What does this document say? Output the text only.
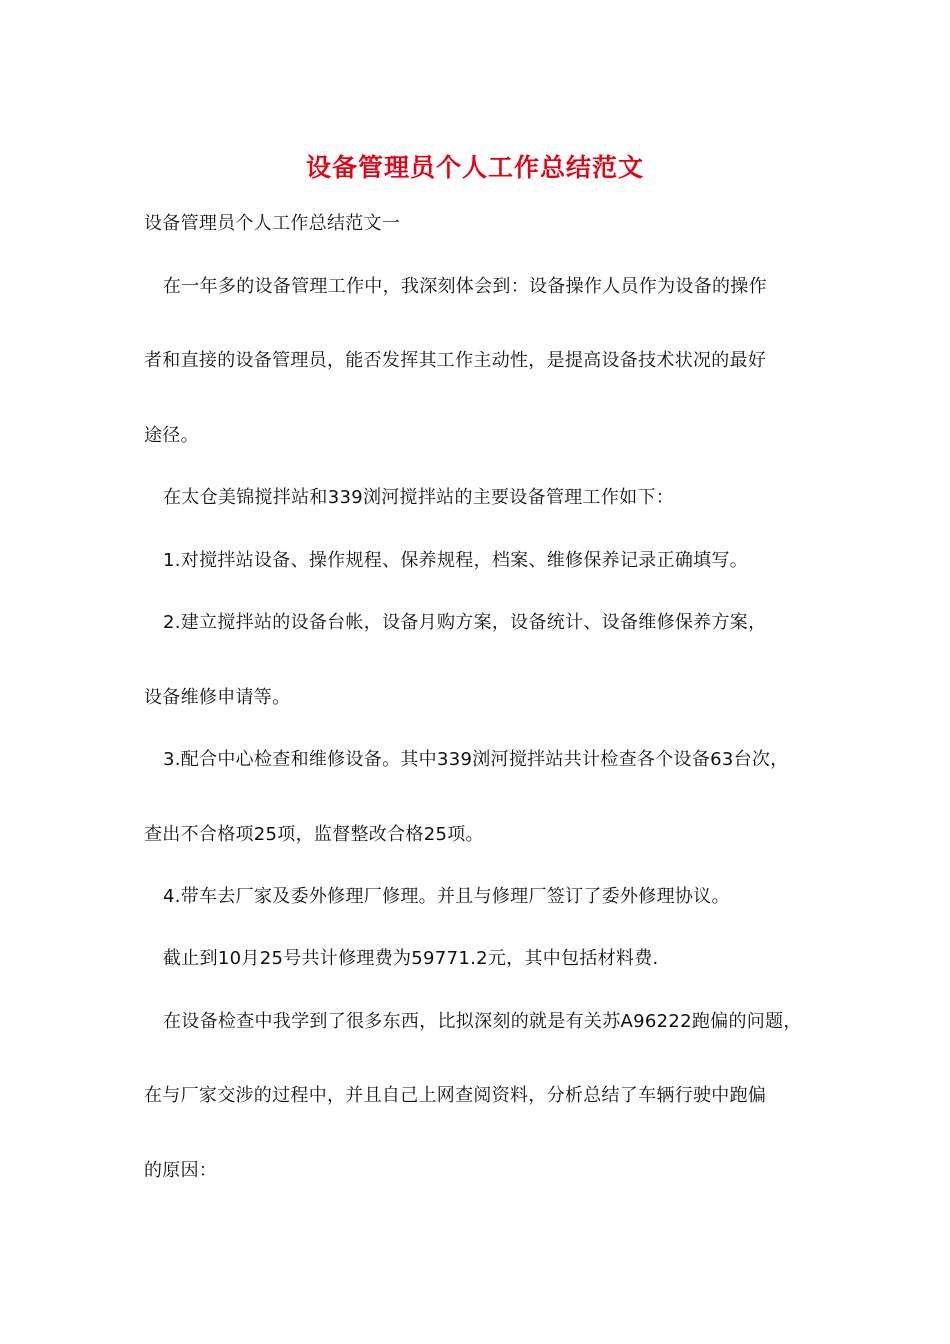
设备管理员个人工作总结范文
设备管理员个人工作总结范文一
在一年多的设备管理工作中，我深刻体会到：设备操作人员作为设备的操作
者和直接的设备管理员，能否发挥其工作主动性，是提高设备技术状况的最好
途径。
在太仓美锦搅拌站和339浏河搅拌站的主要设备管理工作如下：
1.对搅拌站设备、操作规程、保养规程，档案、维修保养记录正确填写。
2.建立搅拌站的设备台帐，设备月购方案，设备统计、设备维修保养方案，
设备维修申请等。
3.配合中心检查和维修设备。其中339浏河搅拌站共计检查各个设备63台次，
查出不合格项25项，监督整改合格25项。
4.带车去厂家及委外修理厂修理。并且与修理厂签订了委外修理协议。
截止到10月25号共计修理费为59771.2元，其中包括材料费.
在设备检查中我学到了很多东西，比拟深刻的就是有关苏A96222跑偏的问题，
在与厂家交涉的过程中，并且自己上网查阅资料，分析总结了车辆行驶中跑偏
的原因：
